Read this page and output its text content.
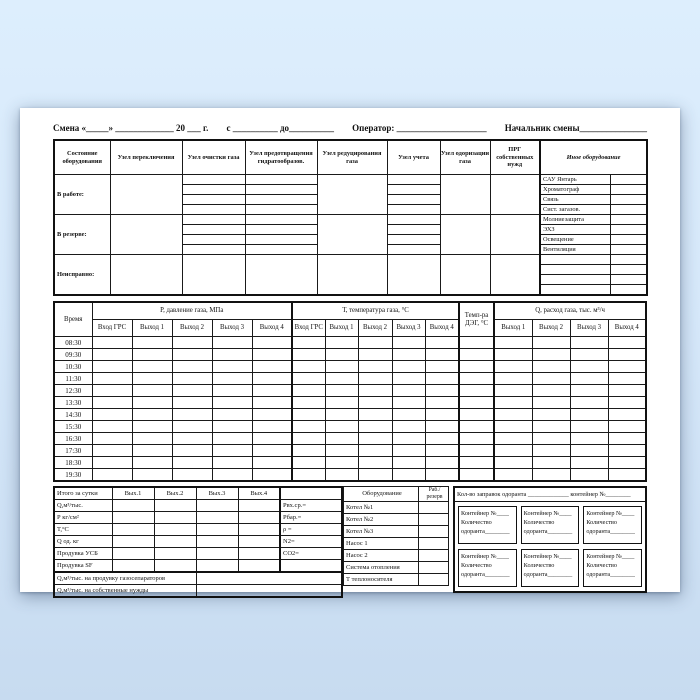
Смена «_____» _____________ 20 ___ г. с __________ до__________ Оператор: ____________________ Начальник смены_______________
Состояние оборудования	Узел переключения	Узел очистки газа	Узел предотвращения гидратообразов.	Узел редуцирования газа	Узел учета	Узел одоризации газа	ПРГ собственных нужд	Иное оборудование	
В работе:								САУ Янтарь	
								Хроматограф	
								Связь	
								Сист. загазов.	
В резерве:								Молниезащита	
								ЭХЗ	
								Освещение	
								Вентиляция	
Неисправно:									

Время	Р, давление газа, МПа					Т, температура газа, °С					Темп-ра ДЭГ, °С	Q, расход газа, тыс. м³/ч			
	Вход ГРС	Выход 1	Выход 2	Выход 3	Выход 4	Вход ГРС	Выход 1	Выход 2	Выход 3	Выход 4		Выход 1	Выход 2	Выход 3	Выход 4
08:30															
09:30															
10:30															
11:30															
12:30															
13:30															
14:30															
15:30															
16:30															
17:30															
18:30															
19:30															
Итого за сутки	Вых.1	Вых.2	Вых.3	Вых.4	
Q,м³/тыс.					Рвх.ср.=
Р кг/см²					Рбар.=
Т,°С					ρ =
Q од. кг					N2=
Продувка УСБ					CO2=
Продувка SF					
Q,м³/тыс. на продувку газосепараторов					
Q,м³/тыс. на собственные нужды					
Оборудование	Раб./резерв
Котел №1	
Котел №2	
Котел №3	
Насос 1	
Насос 2	
Система отопления	
Т теплоносителя	
Кол-во заправок одоранта _____________ контейнер №________
Контейнер №____
Количество
одоранта________
Контейнер №____
Количество
одоранта________
Контейнер №____
Количество
одоранта________
Контейнер №____
Количество
одоранта________
Контейнер №____
Количество
одоранта________
Контейнер №____
Количество
одоранта________
